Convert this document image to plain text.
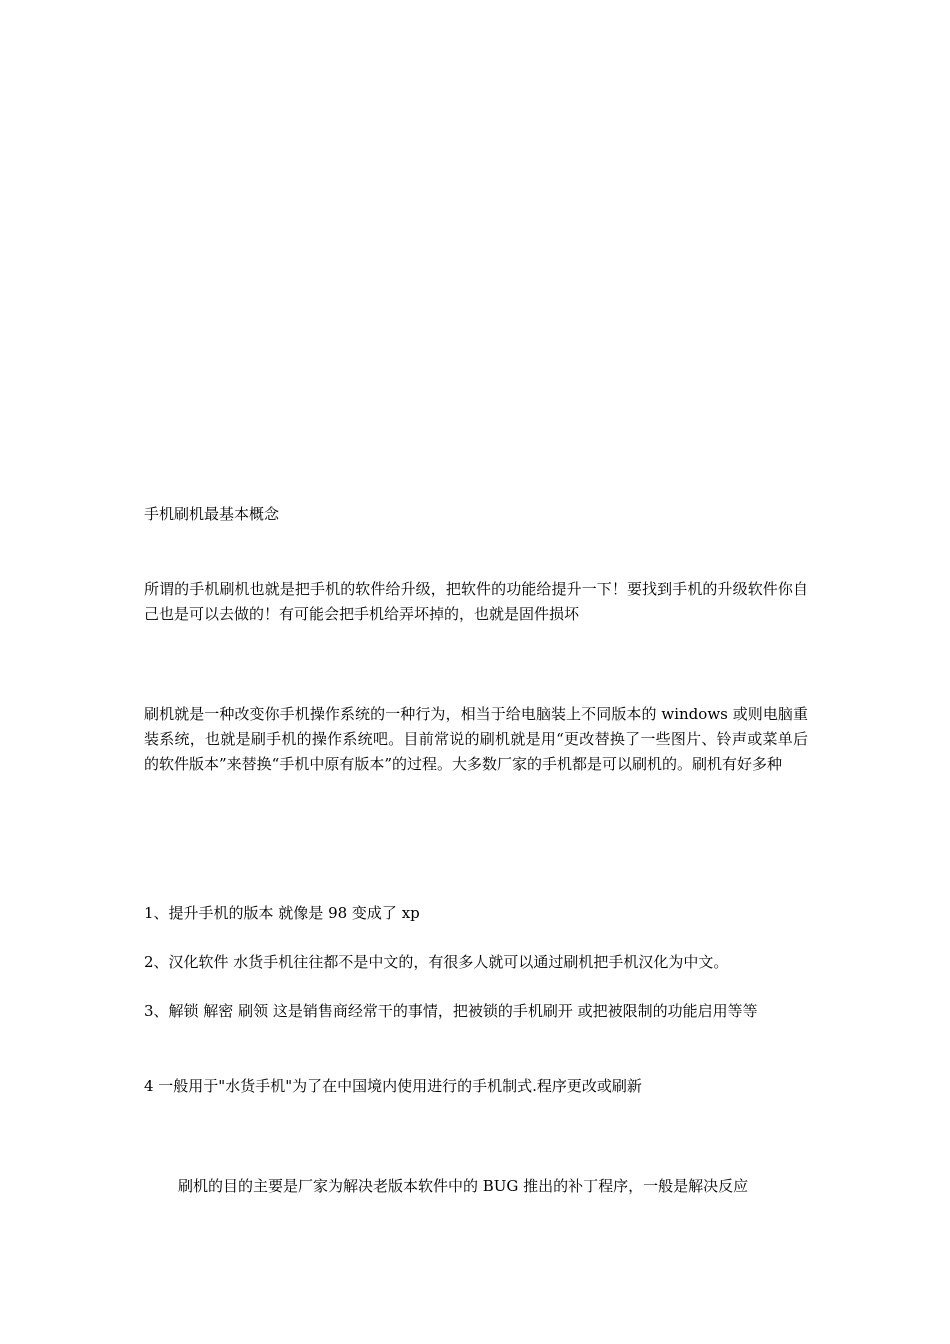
手机刷机最基本概念

所谓的手机刷机也就是把手机的软件给升级，把软件的功能给提升一下！要找到手机的升级软件你自己也是可以去做的！有可能会把手机给弄坏掉的，也就是固件损坏

刷机就是一种改变你手机操作系统的一种行为，相当于给电脑装上不同版本的 windows 或则电脑重装系统，也就是刷手机的操作系统吧。目前常说的刷机就是用“更改替换了一些图片、铃声或菜单后的软件版本”来替换“手机中原有版本”的过程。大多数厂家的手机都是可以刷机的。刷机有好多种

1、提升手机的版本 就像是 98 变成了 xp

2、汉化软件 水货手机往往都不是中文的，有很多人就可以通过刷机把手机汉化为中文。

3、解锁 解密 刷领 这是销售商经常干的事情，把被锁的手机刷开 或把被限制的功能启用等等

4 一般用于"水货手机"为了在中国境内使用进行的手机制式.程序更改或刷新

刷机的目的主要是厂家为解决老版本软件中的 BUG 推出的补丁程序，一般是解决反应
